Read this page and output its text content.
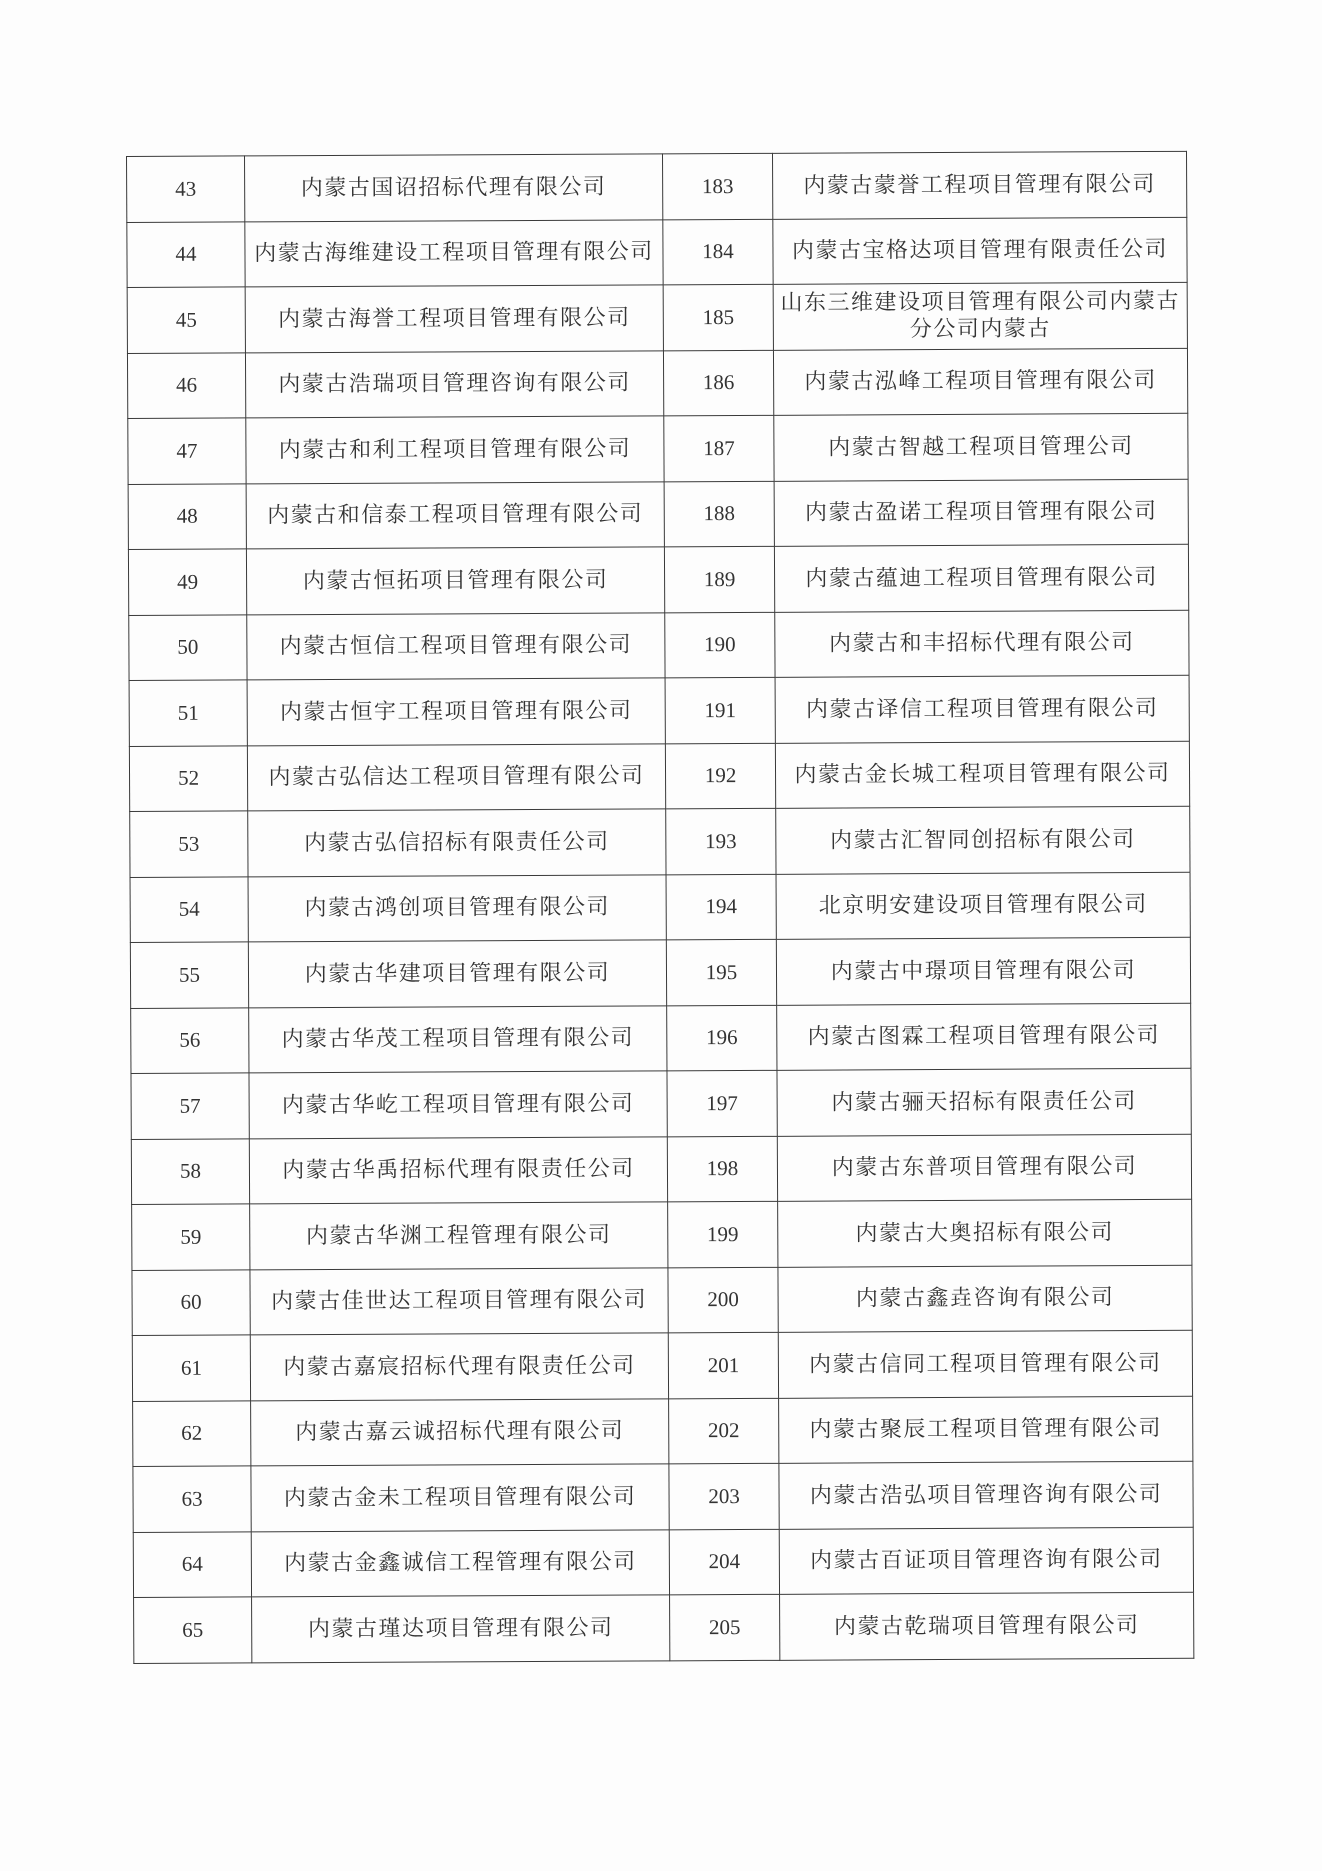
43	内蒙古国诏招标代理有限公司	183	内蒙古蒙誉工程项目管理有限公司
44	内蒙古海维建设工程项目管理有限公司	184	内蒙古宝格达项目管理有限责任公司
45	内蒙古海誉工程项目管理有限公司	185	山东三维建设项目管理有限公司内蒙古分公司内蒙古
46	内蒙古浩瑞项目管理咨询有限公司	186	内蒙古泓峰工程项目管理有限公司
47	内蒙古和利工程项目管理有限公司	187	内蒙古智越工程项目管理公司
48	内蒙古和信泰工程项目管理有限公司	188	内蒙古盈诺工程项目管理有限公司
49	内蒙古恒拓项目管理有限公司	189	内蒙古蕴迪工程项目管理有限公司
50	内蒙古恒信工程项目管理有限公司	190	内蒙古和丰招标代理有限公司
51	内蒙古恒宇工程项目管理有限公司	191	内蒙古译信工程项目管理有限公司
52	内蒙古弘信达工程项目管理有限公司	192	内蒙古金长城工程项目管理有限公司
53	内蒙古弘信招标有限责任公司	193	内蒙古汇智同创招标有限公司
54	内蒙古鸿创项目管理有限公司	194	北京明安建设项目管理有限公司
55	内蒙古华建项目管理有限公司	195	内蒙古中璟项目管理有限公司
56	内蒙古华茂工程项目管理有限公司	196	内蒙古图霖工程项目管理有限公司
57	内蒙古华屹工程项目管理有限公司	197	内蒙古骊天招标有限责任公司
58	内蒙古华禹招标代理有限责任公司	198	内蒙古东普项目管理有限公司
59	内蒙古华渊工程管理有限公司	199	内蒙古大奥招标有限公司
60	内蒙古佳世达工程项目管理有限公司	200	内蒙古鑫垚咨询有限公司
61	内蒙古嘉宸招标代理有限责任公司	201	内蒙古信同工程项目管理有限公司
62	内蒙古嘉云诚招标代理有限公司	202	内蒙古聚辰工程项目管理有限公司
63	内蒙古金未工程项目管理有限公司	203	内蒙古浩弘项目管理咨询有限公司
64	内蒙古金鑫诚信工程管理有限公司	204	内蒙古百证项目管理咨询有限公司
65	内蒙古瑾达项目管理有限公司	205	内蒙古乾瑞项目管理有限公司
